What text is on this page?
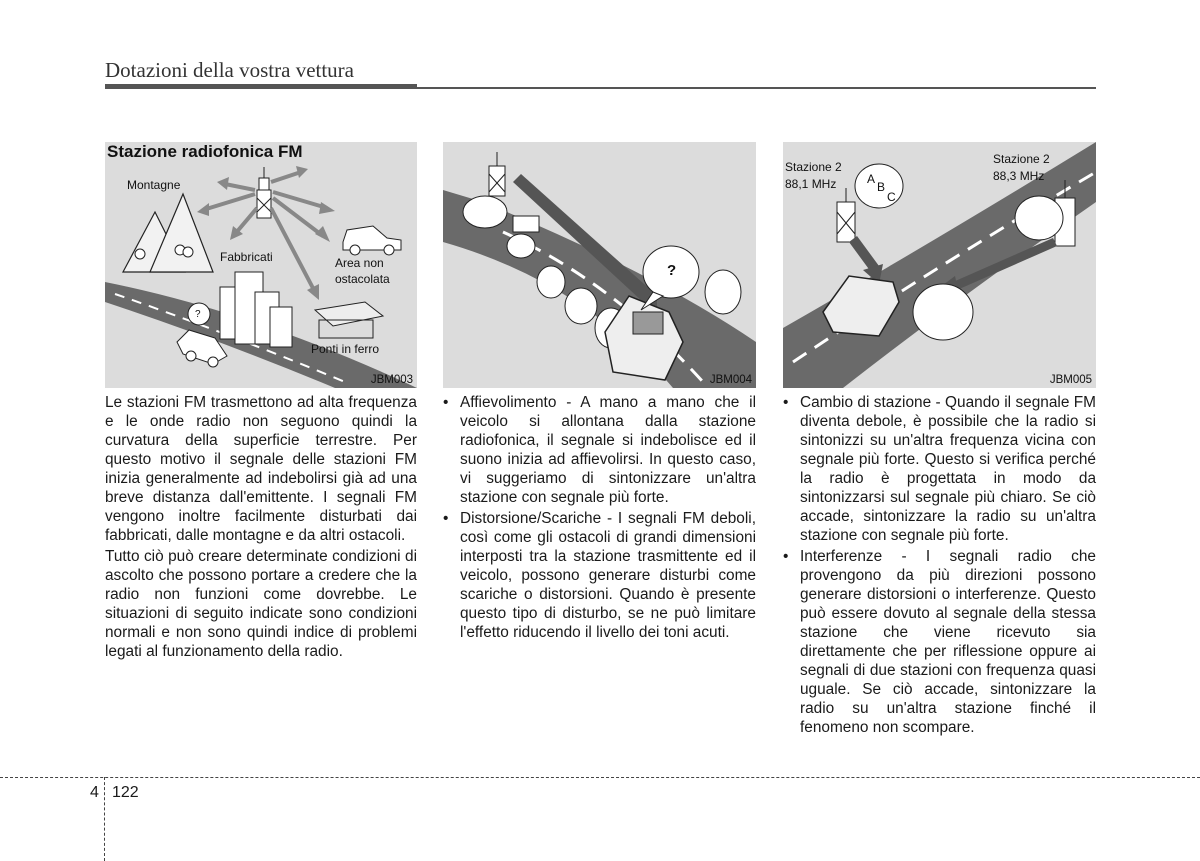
Dotazioni della vostra vettura
Stazione radiofonica FM
Montagne
Fabbricati	Area non
ostacolata
Ponti in ferro
?
JBM003
?
JBM004
Stazione 2
88,1 MHz
Stazione 2
88,3 MHz
A
B
C
JBM005

Le stazioni FM trasmettono ad alta frequenza e le onde radio non seguono quindi la curvatura della superficie terrestre. Per questo motivo il segnale delle stazioni FM inizia generalmente ad indebolirsi già ad una breve distanza dall'emittente. I segnali FM vengono inoltre facilmente disturbati dai fabbricati, dalle montagne e da altri ostacoli.

Tutto ciò può creare determinate condizioni di ascolto che possono portare a credere che la radio non funzioni come dovrebbe. Le situazioni di seguito indicate sono condizioni normali e non sono quindi indice di problemi legati al funzionamento della radio.

• Affievolimento - A mano a mano che il veicolo si allontana dalla stazione radiofonica, il segnale si indebolisce ed il suono inizia ad affievolirsi. In questo caso, vi suggeriamo di sintonizzare un'altra stazione con segnale più forte.
• Distorsione/Scariche - I segnali FM deboli, così come gli ostacoli di grandi dimensioni interposti tra la stazione trasmittente ed il veicolo, possono generare disturbi come scariche o distorsioni. Quando è presente questo tipo di disturbo, se ne può limitare l'effetto riducendo il livello dei toni acuti.
• Cambio di stazione - Quando il segnale FM diventa debole, è possibile che la radio si sintonizzi su un'altra frequenza vicina con segnale più forte. Questo si verifica perché la radio è progettata in modo da sintonizzarsi sul segnale più chiaro. Se ciò accade, sintonizzare la radio su un'altra stazione con segnale più forte.
• Interferenze - I segnali radio che provengono da più direzioni possono generare distorsioni o interferenze. Questo può essere dovuto al segnale della stessa stazione che viene ricevuto sia direttamente che per riflessione oppure ai segnali di due stazioni con frequenza quasi uguale. Se ciò accade, sintonizzare la radio su un'altra stazione finché il fenomeno non scompare.
4 122
